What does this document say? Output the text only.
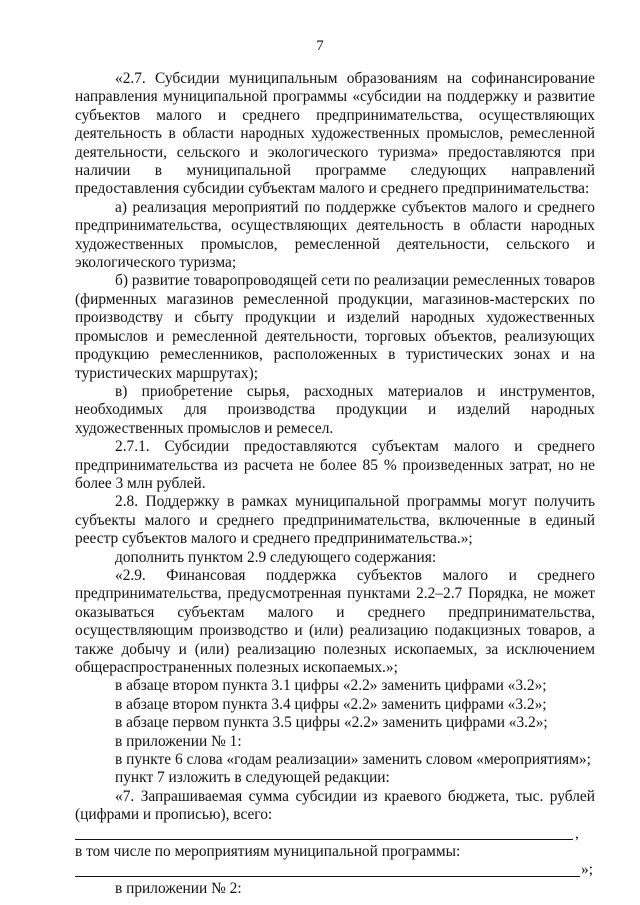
7

«2.7. Субсидии муниципальным образованиям на софинансирование направления муниципальной программы «субсидии на поддержку и развитие субъектов малого и среднего предпринимательства, осуществляющих деятельность в области народных художественных промыслов, ремесленной деятельности, сельского и экологического туризма» предоставляются при наличии в муниципальной программе следующих направлений предоставления субсидии субъектам малого и среднего предпринимательства:

а) реализация мероприятий по поддержке субъектов малого и среднего предпринимательства, осуществляющих деятельность в области народных художественных промыслов, ремесленной деятельности, сельского и экологического туризма;

б) развитие товаропроводящей сети по реализации ремесленных товаров (фирменных магазинов ремесленной продукции, магазинов-мастерских по производству и сбыту продукции и изделий народных художественных промыслов и ремесленной деятельности, торговых объектов, реализующих продукцию ремесленников, расположенных в туристических зонах и на туристических маршрутах);

в) приобретение сырья, расходных материалов и инструментов, необходимых для производства продукции и изделий народных художественных промыслов и ремесел.

2.7.1. Субсидии предоставляются субъектам малого и среднего предпринимательства из расчета не более 85 % произведенных затрат, но не более 3 млн рублей.

2.8. Поддержку в рамках муниципальной программы могут получить субъекты малого и среднего предпринимательства, включенные в единый реестр субъектов малого и среднего предпринимательства.»;

дополнить пунктом 2.9 следующего содержания:

«2.9. Финансовая поддержка субъектов малого и среднего предпринимательства, предусмотренная пунктами 2.2–2.7 Порядка, не может оказываться субъектам малого и среднего предпринимательства, осуществляющим производство и (или) реализацию подакцизных товаров, а также добычу и (или) реализацию полезных ископаемых, за исключением общераспространенных полезных ископаемых.»;

в абзаце втором пункта 3.1 цифры «2.2» заменить цифрами «3.2»;

в абзаце втором пункта 3.4 цифры «2.2» заменить цифрами «3.2»;

в абзаце первом пункта 3.5 цифры «2.2» заменить цифрами «3.2»;

в приложении № 1:

в пункте 6 слова «годам реализации» заменить словом «мероприятиям»;

пункт 7 изложить в следующей редакции:

«7. Запрашиваемая сумма субсидии из краевого бюджета, тыс. рублей (цифрами и прописью), всего:

,
в том числе по мероприятиям муниципальной программы:
»;

в приложении № 2:
